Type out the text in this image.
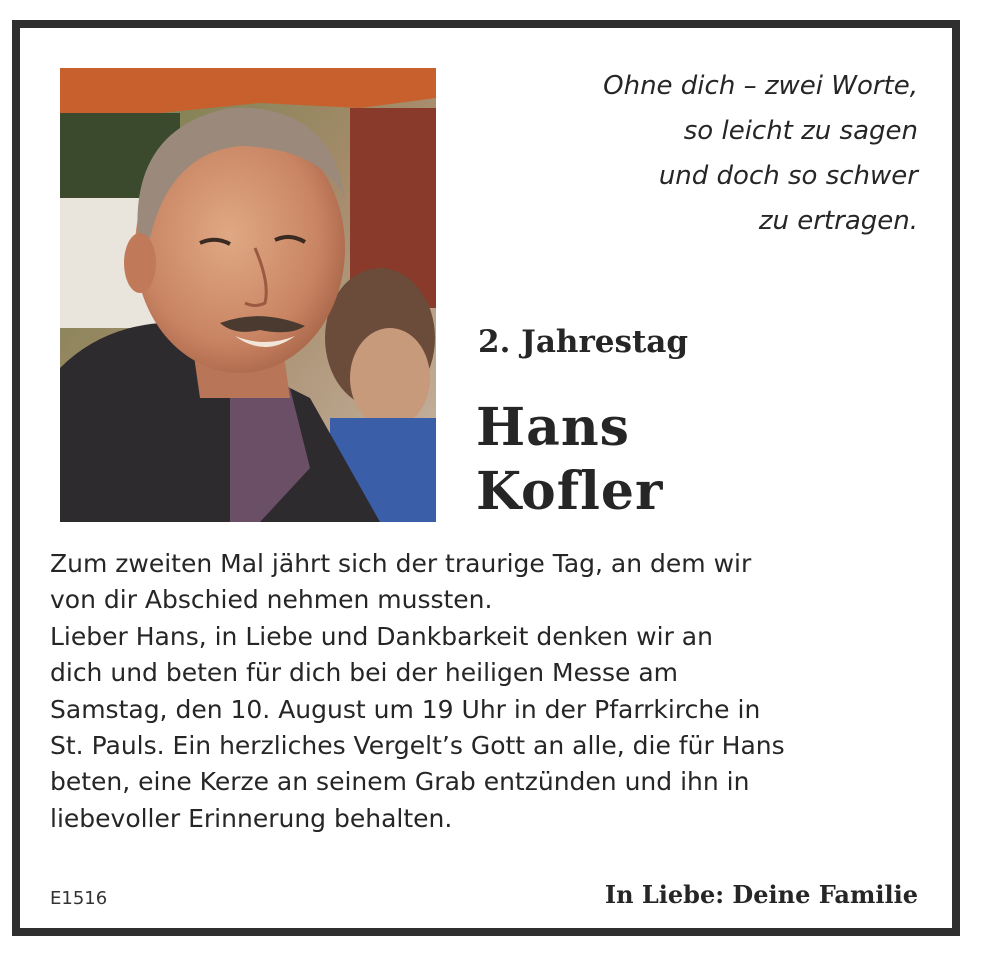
Ohne dich – zwei Worte,
so leicht zu sagen
und doch so schwer
zu ertragen.
2. Jahrestag
Hans
Kofler
Zum zweiten Mal jährt sich der traurige Tag, an dem wir
von dir Abschied nehmen mussten.
Lieber Hans, in Liebe und Dankbarkeit denken wir an
dich und beten für dich bei der heiligen Messe am
Samstag, den 10. August um 19 Uhr in der Pfarrkirche in
St. Pauls. Ein herzliches Vergelt’s Gott an alle, die für Hans
beten, eine Kerze an seinem Grab entzünden und ihn in
liebevoller Erinnerung behalten.
E1516	In Liebe: Deine Familie
